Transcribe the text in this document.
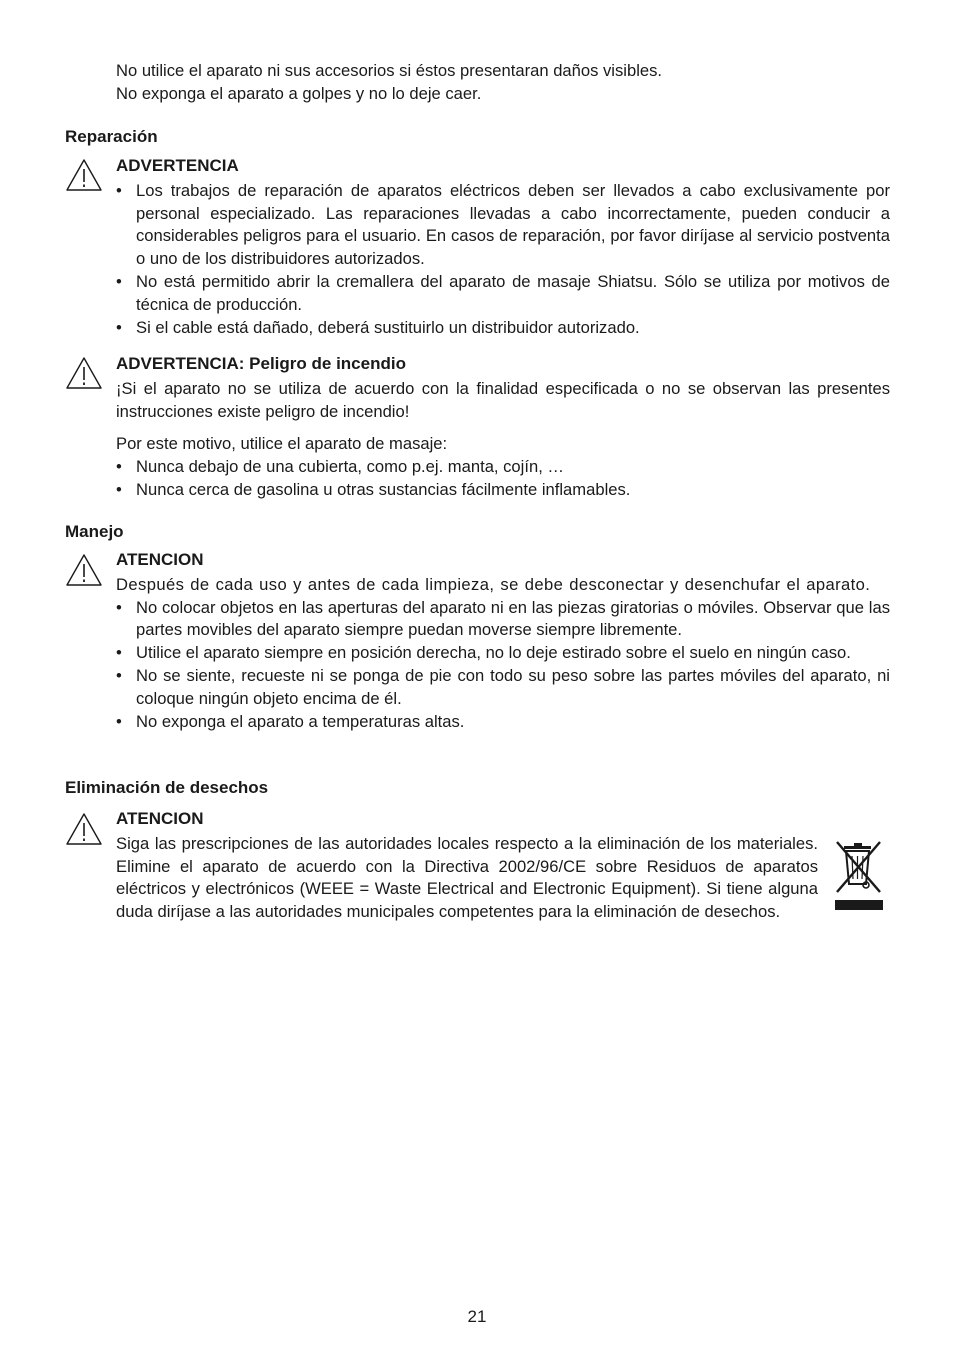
No utilice el aparato ni sus accesorios si éstos presentaran daños visibles.

No exponga el aparato a golpes y no lo deje caer.

Reparación
ADVERTENCIA
• Los trabajos de reparación de aparatos eléctricos deben ser llevados a cabo exclusivamente por personal especializado. Las reparaciones llevadas a cabo incorrectamente, pueden conducir a considerables peligros para el usuario. En casos de reparación, por favor diríjase al servicio postventa o uno de los distribuidores autorizados.
• No está permitido abrir la cremallera del aparato de masaje Shiatsu. Sólo se utiliza por motivos de técnica de producción.
• Si el cable está dañado, deberá sustituirlo un distribuidor autorizado.
ADVERTENCIA: Peligro de incendio

¡Si el aparato no se utiliza de acuerdo con la finalidad especificada o no se observan las presentes instrucciones existe peligro de incendio!

Por este motivo, utilice el aparato de masaje:

• Nunca debajo de una cubierta, como p.ej. manta, cojín, …
• Nunca cerca de gasolina u otras sustancias fácilmente inflamables.
Manejo
ATENCION

Después de cada uso y antes de cada limpieza, se debe desconectar y desenchufar el aparato.

• No colocar objetos en las aperturas del aparato ni en las piezas giratorias o móviles. Observar que las partes movibles del aparato siempre puedan moverse siempre libremente.
• Utilice el aparato siempre en posición derecha, no lo deje estirado sobre el suelo en ningún caso.
• No se siente, recueste ni se ponga de pie con todo su peso sobre las partes móviles del aparato, ni coloque ningún objeto encima de él.
• No exponga el aparato a temperaturas altas.
Eliminación de desechos
ATENCION

Siga las prescripciones de las autoridades locales respecto a la eliminación de los materiales. Elimine el aparato de acuerdo con la Directiva 2002/96/CE sobre Residuos de aparatos eléctricos y electrónicos (WEEE = Waste Electrical and Electronic Equipment). Si tiene alguna duda diríjase a las autoridades municipales competentes para la eliminación de desechos.

21
